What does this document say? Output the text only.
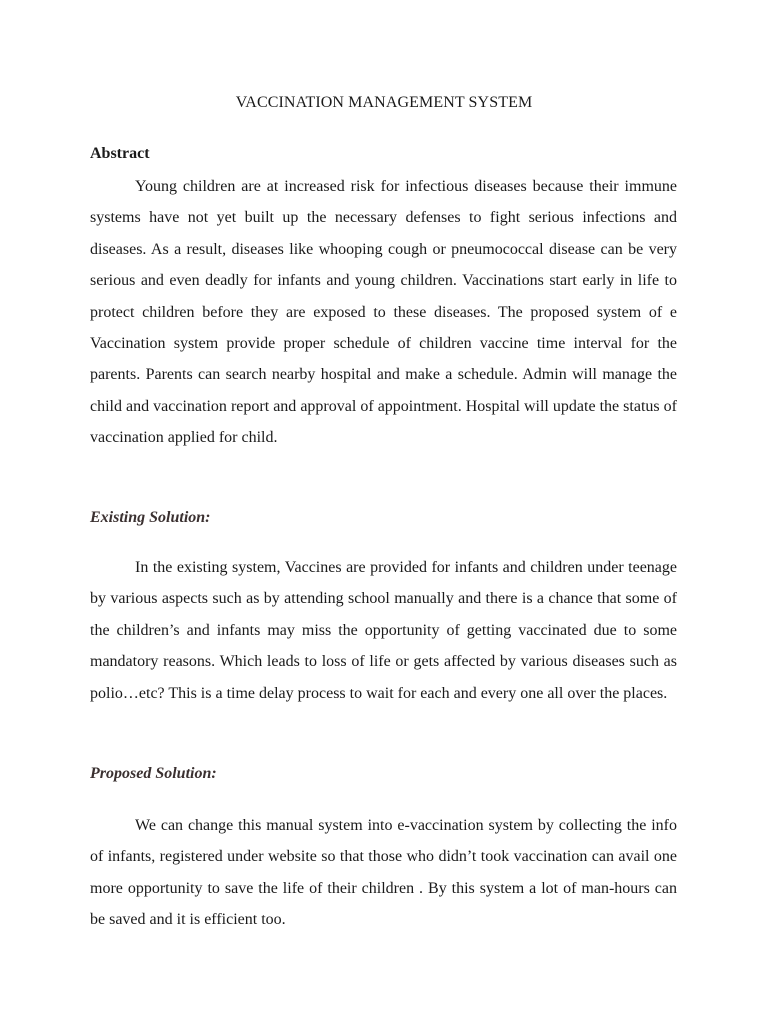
VACCINATION MANAGEMENT SYSTEM
Abstract

Young children are at increased risk for infectious diseases because their immune systems have not yet built up the necessary defenses to fight serious infections and diseases. As a result, diseases like whooping cough or pneumococcal disease can be very serious and even deadly for infants and young children. Vaccinations start early in life to protect children before they are exposed to these diseases. The proposed system of e Vaccination system provide proper schedule of children vaccine time interval for the parents. Parents can search nearby hospital and make a schedule. Admin will manage the child and vaccination report and approval of appointment. Hospital will update the status of vaccination applied for child.

Existing Solution:

In the existing system, Vaccines are provided for infants and children under teenage by various aspects such as by attending school manually and there is a chance that some of the children’s and infants may miss the opportunity of getting vaccinated due to some mandatory reasons. Which leads to loss of life or gets affected by various diseases such as polio…etc? This is a time delay process to wait for each and every one all over the places.

Proposed Solution:

We can change this manual system into e-vaccination system by collecting the info of infants, registered under website so that those who didn’t took vaccination can avail one more opportunity to save the life of their children . By this system a lot of man-hours can be saved and it is efficient too.
